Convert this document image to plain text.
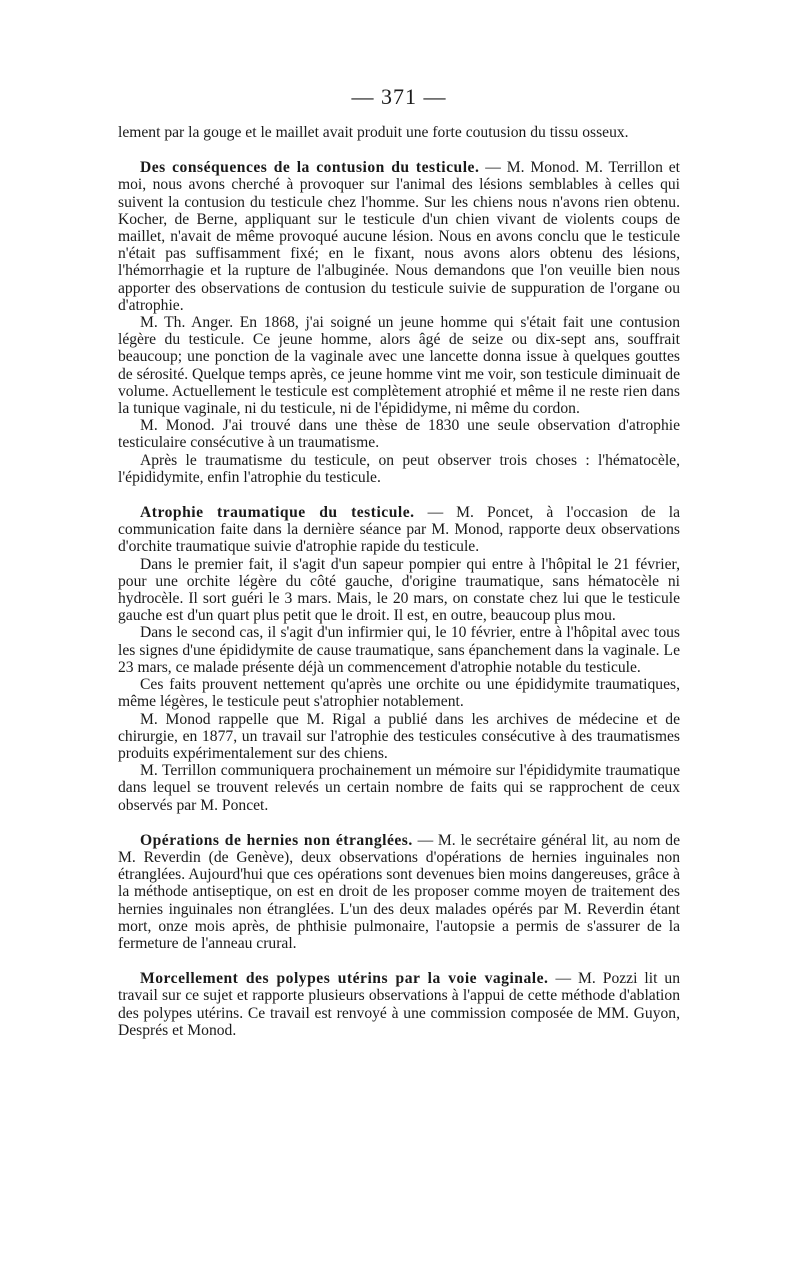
— 371 —

lement par la gouge et le maillet avait produit une forte coutusion du tissu osseux.

Des conséquences de la contusion du testicule. — M. Monod. M. Terrillon et moi, nous avons cherché à provoquer sur l'animal des lésions semblables à celles qui suivent la contusion du testicule chez l'homme. Sur les chiens nous n'avons rien obtenu. Kocher, de Berne, appliquant sur le testicule d'un chien vivant de violents coups de maillet, n'avait de même provoqué aucune lésion. Nous en avons conclu que le testicule n'était pas suffisamment fixé; en le fixant, nous avons alors obtenu des lésions, l'hémorrhagie et la rupture de l'albuginée. Nous demandons que l'on veuille bien nous apporter des observations de contusion du testicule suivie de suppuration de l'organe ou d'atrophie.

M. Th. Anger. En 1868, j'ai soigné un jeune homme qui s'était fait une contusion légère du testicule. Ce jeune homme, alors âgé de seize ou dix-sept ans, souffrait beaucoup; une ponction de la vaginale avec une lancette donna issue à quelques gouttes de sérosité. Quelque temps après, ce jeune homme vint me voir, son testicule diminuait de volume. Actuellement le testicule est complètement atrophié et même il ne reste rien dans la tunique vaginale, ni du testicule, ni de l'épididyme, ni même du cordon.

M. Monod. J'ai trouvé dans une thèse de 1830 une seule observation d'atrophie testiculaire consécutive à un traumatisme.

Après le traumatisme du testicule, on peut observer trois choses : l'hématocèle, l'épididymite, enfin l'atrophie du testicule.

Atrophie traumatique du testicule. — M. Poncet, à l'occasion de la communication faite dans la dernière séance par M. Monod, rapporte deux observations d'orchite traumatique suivie d'atrophie rapide du testicule.

Dans le premier fait, il s'agit d'un sapeur pompier qui entre à l'hôpital le 21 février, pour une orchite légère du côté gauche, d'origine traumatique, sans hématocèle ni hydrocèle. Il sort guéri le 3 mars. Mais, le 20 mars, on constate chez lui que le testicule gauche est d'un quart plus petit que le droit. Il est, en outre, beaucoup plus mou.

Dans le second cas, il s'agit d'un infirmier qui, le 10 février, entre à l'hôpital avec tous les signes d'une épididymite de cause traumatique, sans épanchement dans la vaginale. Le 23 mars, ce malade présente déjà un commencement d'atrophie notable du testicule.

Ces faits prouvent nettement qu'après une orchite ou une épididymite traumatiques, même légères, le testicule peut s'atrophier notablement.

M. Monod rappelle que M. Rigal a publié dans les archives de médecine et de chirurgie, en 1877, un travail sur l'atrophie des testicules consécutive à des traumatismes produits expérimentalement sur des chiens.

M. Terrillon communiquera prochainement un mémoire sur l'épididymite traumatique dans lequel se trouvent relevés un certain nombre de faits qui se rapprochent de ceux observés par M. Poncet.

Opérations de hernies non étranglées. — M. le secrétaire général lit, au nom de M. Reverdin (de Genève), deux observations d'opérations de hernies inguinales non étranglées. Aujourd'hui que ces opérations sont devenues bien moins dangereuses, grâce à la méthode antiseptique, on est en droit de les proposer comme moyen de traitement des hernies inguinales non étranglées. L'un des deux malades opérés par M. Reverdin étant mort, onze mois après, de phthisie pulmonaire, l'autopsie a permis de s'assurer de la fermeture de l'anneau crural.

Morcellement des polypes utérins par la voie vaginale. — M. Pozzi lit un travail sur ce sujet et rapporte plusieurs observations à l'appui de cette méthode d'ablation des polypes utérins. Ce travail est renvoyé à une commission composée de MM. Guyon, Després et Monod.
